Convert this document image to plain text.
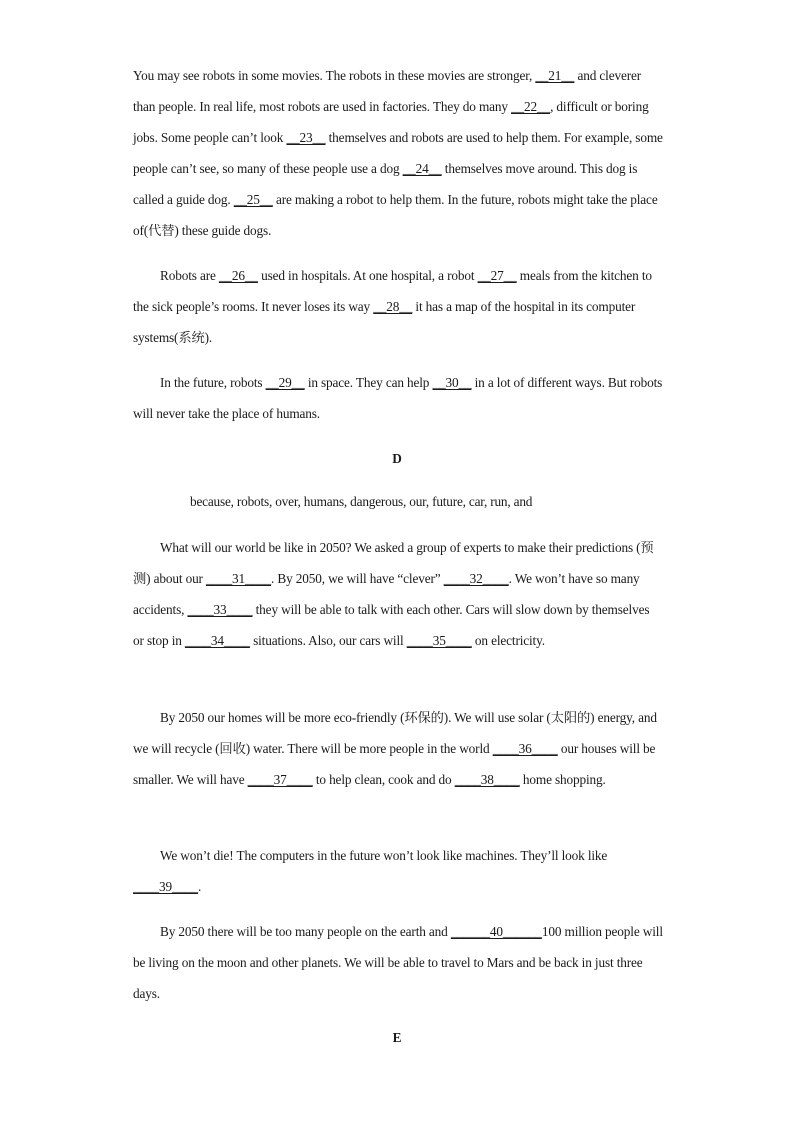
You may see robots in some movies. The robots in these movies are stronger, __21__ and cleverer than people. In real life, most robots are used in factories. They do many __22__, difficult or boring jobs. Some people can’t look __23__ themselves and robots are used to help them. For example, some people can’t see, so many of these people use a dog __24__ themselves move around. This dog is called a guide dog. __25__ are making a robot to help them. In the future, robots might take the place of(代替) these guide dogs.
Robots are __26__ used in hospitals. At one hospital, a robot __27__ meals from the kitchen to the sick people’s rooms. It never loses its way __28__ it has a map of the hospital in its computer systems(系统).
In the future, robots __29__ in space. They can help __30__ in a lot of different ways. But robots will never take the place of humans.
D
because, robots, over, humans, dangerous, our, future, car, run, and
What will our world be like in 2050? We asked a group of experts to make their predictions (预测) about our ____31____. By 2050, we will have “clever” ____32____. We won’t have so many accidents, ____33____ they will be able to talk with each other. Cars will slow down by themselves or stop in ____34____ situations. Also, our cars will ____35____ on electricity.
By 2050 our homes will be more eco-friendly (环保的). We will use solar (太阳的) energy, and we will recycle (回收) water. There will be more people in the world ____36____ our houses will be smaller. We will have ____37____ to help clean, cook and do ____38____ home shopping.
We won’t die! The computers in the future won’t look like machines. They’ll look like ____39____.
By 2050 there will be too many people on the earth and ______40______100 million people will be living on the moon and other planets. We will be able to travel to Mars and be back in just three days.
E
